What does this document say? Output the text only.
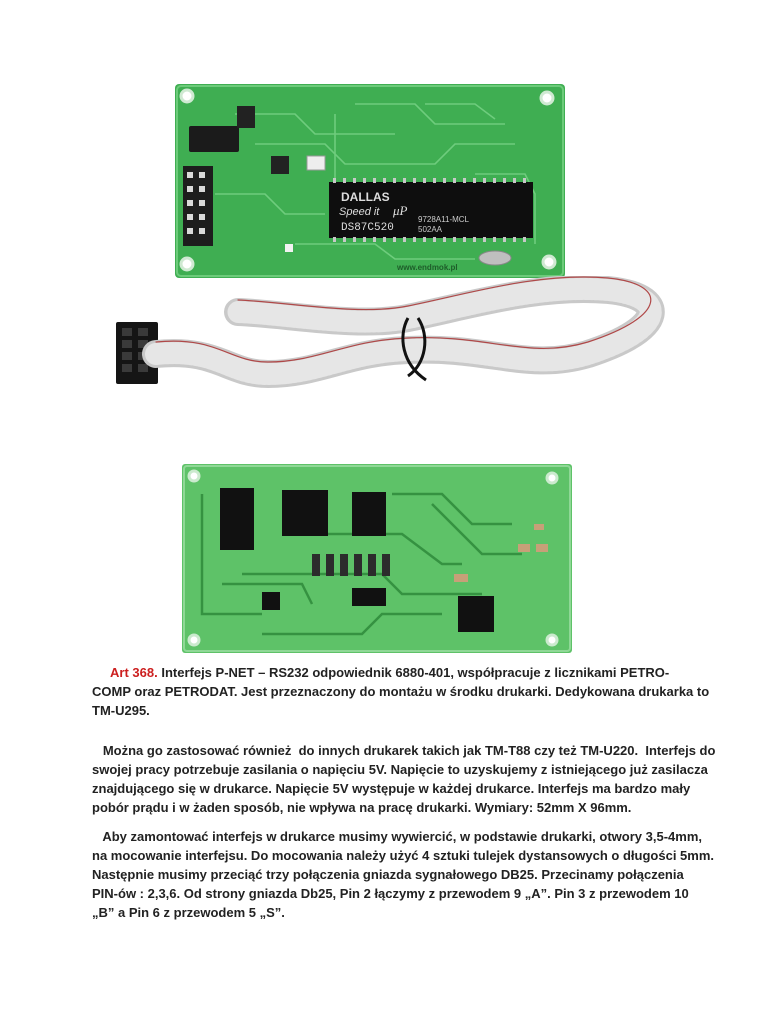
DALLAS
Speed it μP
9728A11-MCL
DS87C520	502AA
www.endmok.pl

Art 368. Interfejs P-NET – RS232 odpowiednik 6880-401, współpracuje z licznikami PETRO-
COMP oraz PETRODAT. Jest przeznaczony do montażu w środku drukarki. Dedykowana drukarka to
TM-U295.

Można go zastosować również  do innych drukarek takich jak TM-T88 czy też TM-U220.  Interfejs do
swojej pracy potrzebuje zasilania o napięciu 5V. Napięcie to uzyskujemy z istniejącego już zasilacza
znajdującego się w drukarce. Napięcie 5V występuje w każdej drukarce. Interfejs ma bardzo mały
pobór prądu i w żaden sposób, nie wpływa na pracę drukarki. Wymiary: 52mm X 96mm.

Aby zamontować interfejs w drukarce musimy wywiercić, w podstawie drukarki, otwory 3,5-4mm,
na mocowanie interfejsu. Do mocowania należy użyć 4 sztuki tulejek dystansowych o długości 5mm.
Następnie musimy przeciąć trzy połączenia gniazda sygnałowego DB25. Przecinamy połączenia
PIN-ów : 2,3,6. Od strony gniazda Db25, Pin 2 łączymy z przewodem 9 „A”. Pin 3 z przewodem 10
„B” a Pin 6 z przewodem 5 „S”.
